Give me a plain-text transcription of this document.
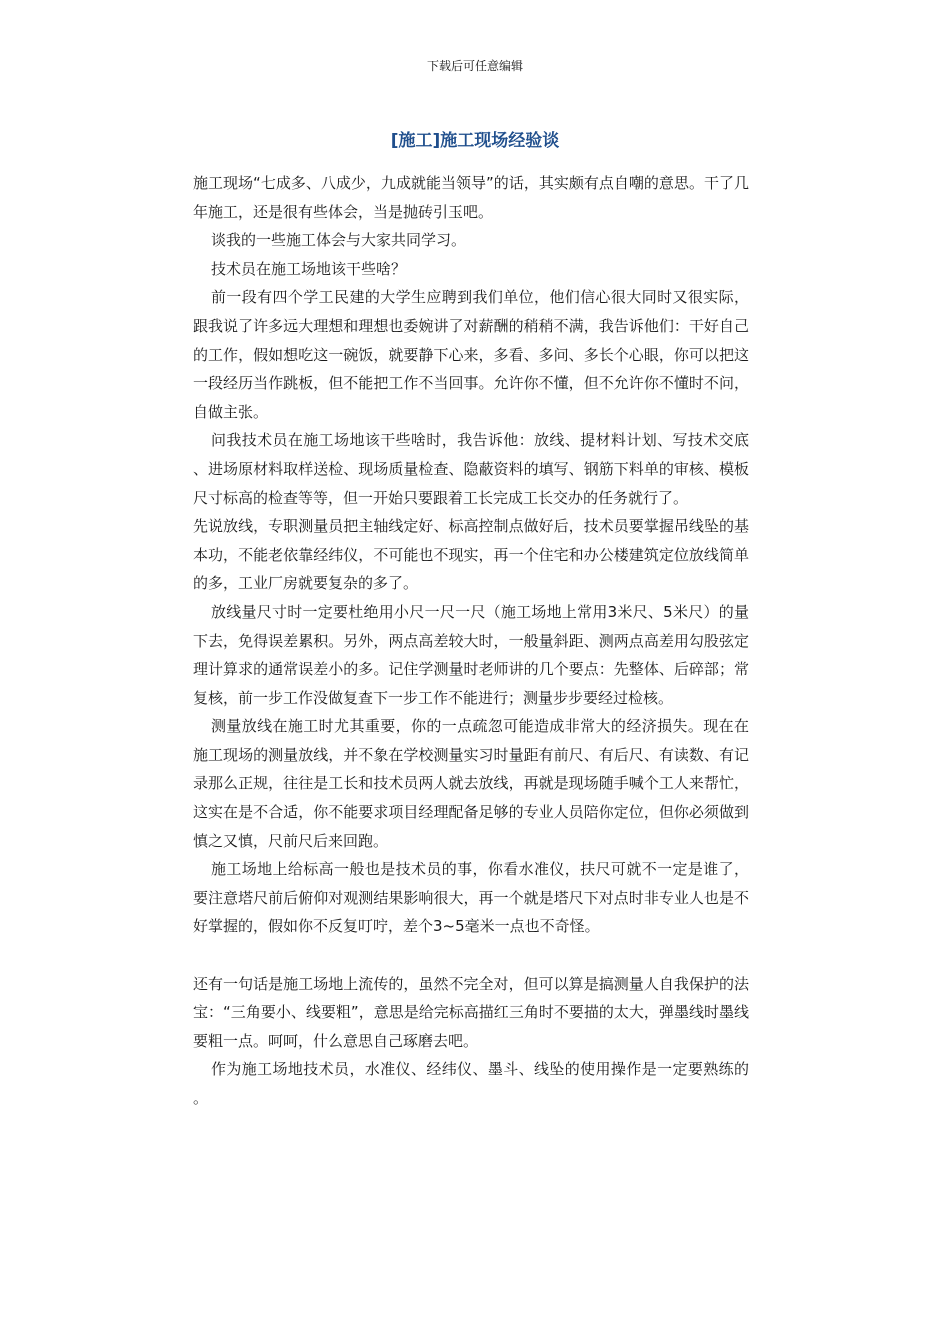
下载后可任意编辑
[施工]施工现场经验谈

施工现场“七成多、八成少，九成就能当领导”的话，其实颇有点自嘲的意思。干了几年施工，还是很有些体会，当是抛砖引玉吧。

谈我的一些施工体会与大家共同学习。

技术员在施工场地该干些啥？

前一段有四个学工民建的大学生应聘到我们单位，他们信心很大同时又很实际，跟我说了许多远大理想和理想也委婉讲了对薪酬的稍稍不满，我告诉他们：干好自己的工作，假如想吃这一碗饭，就要静下心来，多看、多问、多长个心眼，你可以把这一段经历当作跳板，但不能把工作不当回事。允许你不懂，但不允许你不懂时不问，自做主张。

问我技术员在施工场地该干些啥时，我告诉他：放线、提材料计划、写技术交底、进场原材料取样送检、现场质量检查、隐蔽资料的填写、钢筋下料单的审核、模板尺寸标高的检查等等，但一开始只要跟着工长完成工长交办的任务就行了。

先说放线，专职测量员把主轴线定好、标高控制点做好后，技术员要掌握吊线坠的基本功，不能老依靠经纬仪，不可能也不现实，再一个住宅和办公楼建筑定位放线简单的多，工业厂房就要复杂的多了。

放线量尺寸时一定要杜绝用小尺一尺一尺（施工场地上常用3米尺、5米尺）的量下去，免得误差累积。另外，两点高差较大时，一般量斜距、测两点高差用勾股弦定理计算求的通常误差小的多。记住学测量时老师讲的几个要点：先整体、后碎部；常复核，前一步工作没做复查下一步工作不能进行；测量步步要经过检核。

测量放线在施工时尤其重要，你的一点疏忽可能造成非常大的经济损失。现在在施工现场的测量放线，并不象在学校测量实习时量距有前尺、有后尺、有读数、有记录那么正规，往往是工长和技术员两人就去放线，再就是现场随手喊个工人来帮忙，这实在是不合适，你不能要求项目经理配备足够的专业人员陪你定位，但你必须做到慎之又慎，尺前尺后来回跑。

施工场地上给标高一般也是技术员的事，你看水准仪，扶尺可就不一定是谁了，要注意塔尺前后俯仰对观测结果影响很大，再一个就是塔尺下对点时非专业人也是不好掌握的，假如你不反复叮咛，差个3~5毫米一点也不奇怪。

还有一句话是施工场地上流传的，虽然不完全对，但可以算是搞测量人自我保护的法宝：“三角要小、线要粗”，意思是给完标高描红三角时不要描的太大，弹墨线时墨线要粗一点。呵呵，什么意思自己琢磨去吧。

作为施工场地技术员，水准仪、经纬仪、墨斗、线坠的使用操作是一定要熟练的。
